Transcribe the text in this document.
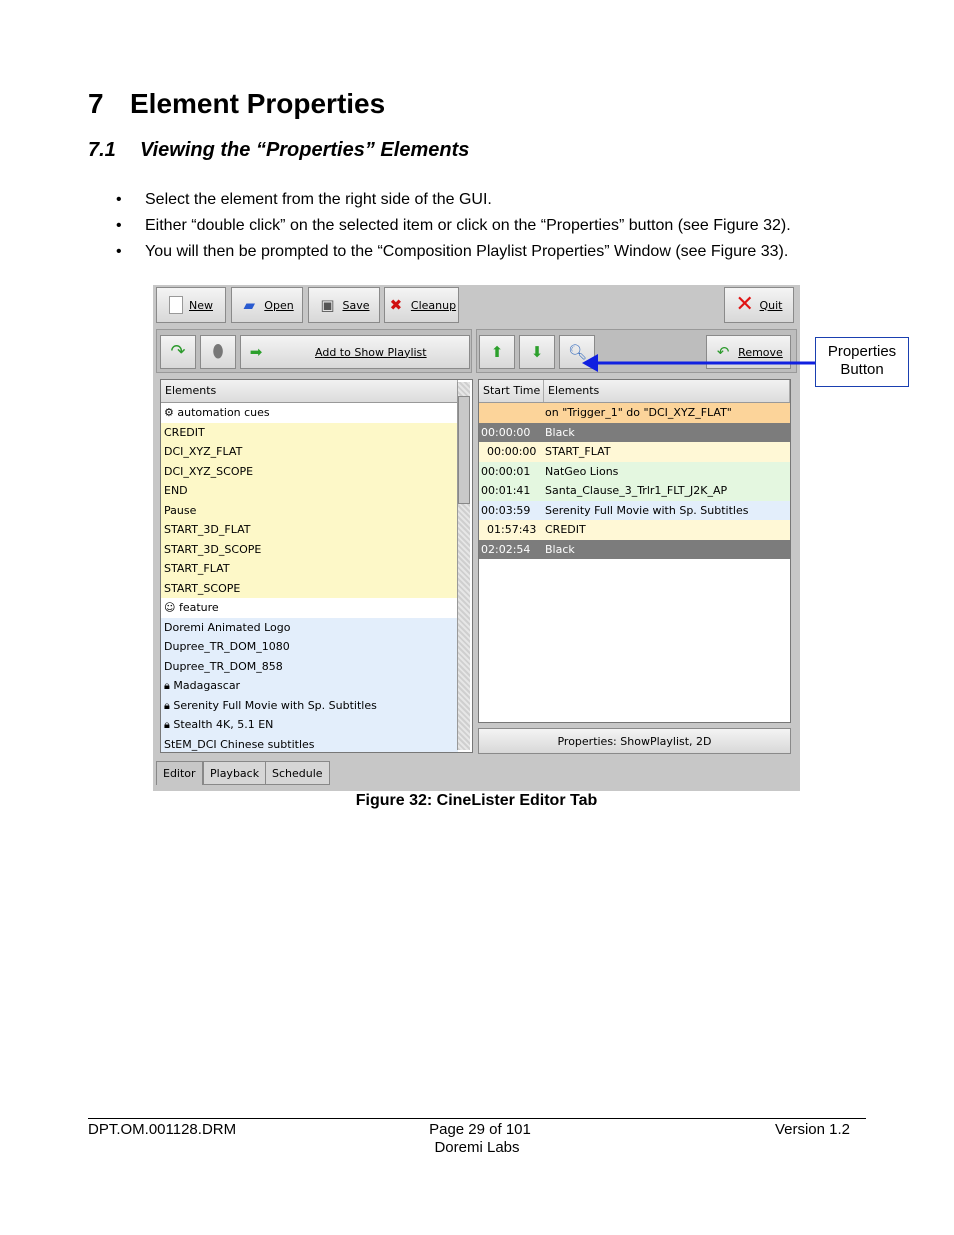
7 Element Properties
7.1 Viewing the “Properties” Elements
• Select the element from the right side of the GUI.
• Either “double click” on the selected item or click on the “Properties” button (see Figure 32).
• You will then be prompted to the “Composition Playlist Properties” Window (see Figure 33).
New ▰ Open ▣ Save ✖ Cleanup	✕ Quit
↷ ⬮ ➡	Add to Show Playlist	⬆ ⬇ 🔍︎	↶ Remove
Elements
⚙ automation cues
CREDIT
DCI_XYZ_FLAT
DCI_XYZ_SCOPE
END
Pause
START_3D_FLAT
START_3D_SCOPE
START_FLAT
START_SCOPE
☺ feature
Doremi Animated Logo
Dupree_TR_DOM_1080
Dupree_TR_DOM_858
🔒︎ Madagascar
🔒︎ Serenity Full Movie with Sp. Subtitles
🔒︎ Stealth 4K, 5.1 EN
StEM_DCI Chinese subtitles
Start Time Elements
on "Trigger_1" do "DCI_XYZ_FLAT"
00:00:00	Black
00:00:00 START_FLAT
00:00:01	NatGeo Lions
00:01:41	Santa_Clause_3_Trlr1_FLT_J2K_AP
00:03:59	Serenity Full Movie with Sp. Subtitles
01:57:43 CREDIT
02:02:54	Black
Properties: ShowPlaylist, 2D
Editor	Playback	Schedule
Properties
Button
Figure 32: CineLister Editor Tab
DPT.OM.001128.DRM	Page 29 of 101
Doremi Labs
Version 1.2
